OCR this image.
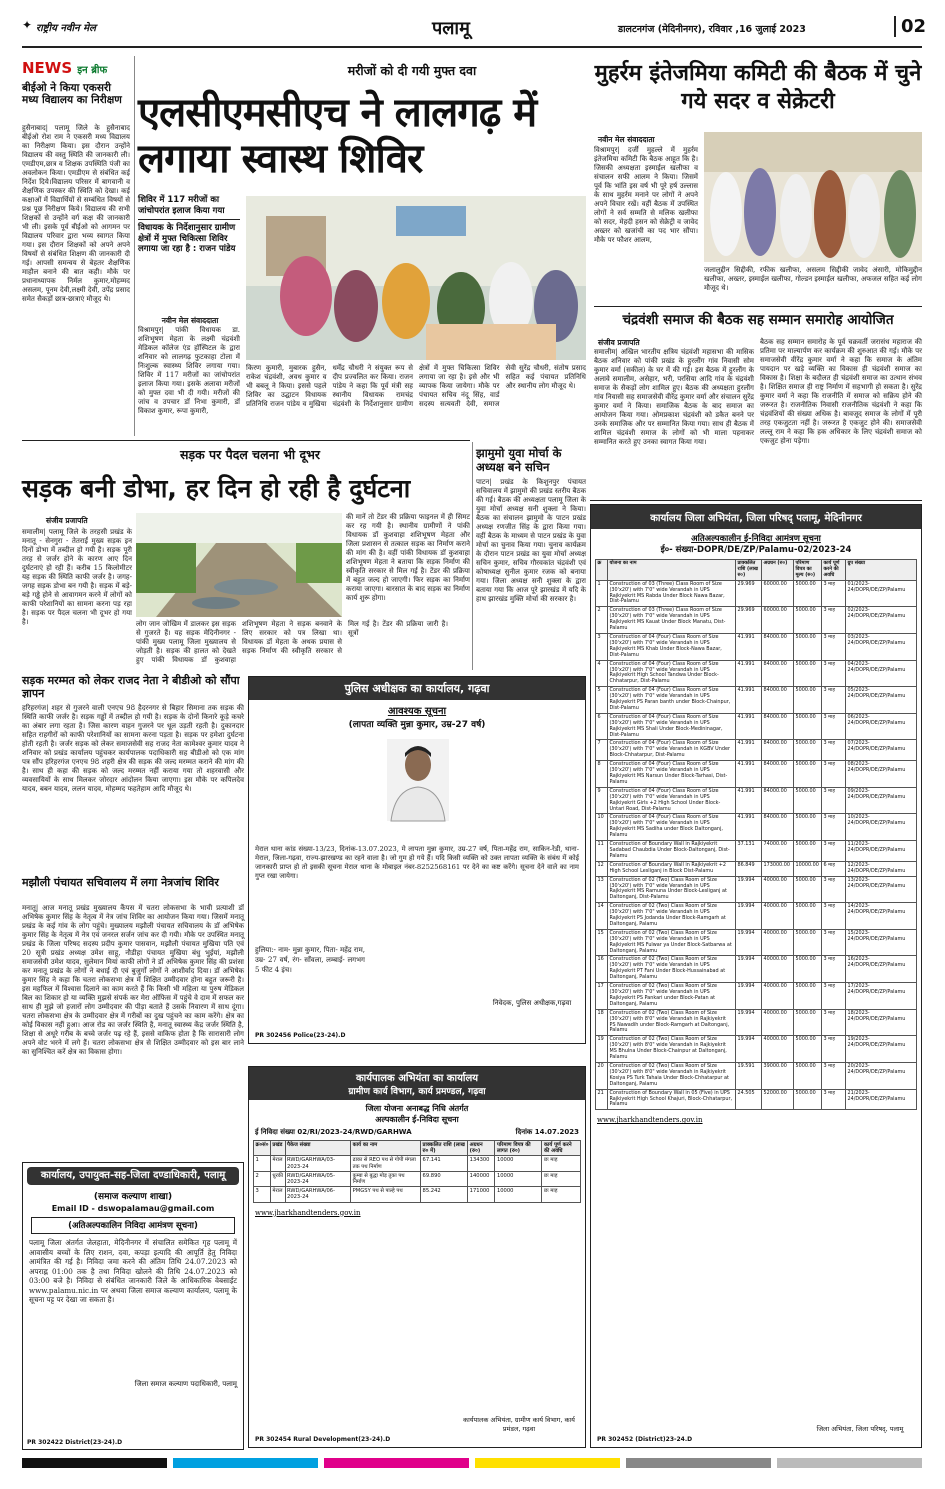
✦ राष्ट्रीय नवीन मेल	पलामू	डालटनगंज (मेदिनीनगर), रविवार ,16 जुलाई 2023	02
NEWS इन ब्रीफ
बीईओ ने किया एकसरी मध्य विद्यालय का निरीक्षण
हुसैनाबाद| पलामू जिले के हुसैनाबाद बीईओ रोश राम ने एकसरी मध्य विद्यालय का निरीक्षण किया। इस दौरान उन्होंने विद्यालय की वस्तु स्थिति की जानकारी ली। एमडीएम,छात्र व शिक्षक उपस्थिति पंजी का अवलोकन किया। एमडीएम से संबंधित कई निर्देश दिये।विद्यालय परिसर में बागवानी व शैक्षणिक उपस्कर की स्थिति को देखा। कई कक्षाओं में विद्यार्थियों से सम्बंधित विषयों से प्रश्न पूछ निरीक्षण किये। विद्यालय की सभी शिक्षकों से उन्होंने वर्ग कक्ष की जानकारी भी ली। इसके पूर्व बीईओ को आगमन पर विद्यालय परिवार द्वारा भव्य स्वागत किया गया। इस दौरान शिक्षकों को अपने अपने विषयों से संबंधित शिक्षण की जानकारी दी गई। आपसी समन्वय से बेहतर शैक्षणिक माहौल बनाने की बात कही। मौके पर प्रधानाध्यापक निर्मल कुमार,मोहम्मद असलम, पूनम देवी,लक्ष्मी देवी, उपेंद्र प्रसाद समेत सैकड़ों छात्र-छात्राएं मौजूद थे।
सड़क मरम्मत को लेकर राजद नेता ने बीडीओ को सौंपा ज्ञापन
हरिहरगंज| शहर से गुजरने वाली एनएच 98 हैदरनगर से बिहार सिमाना तक सड़क की स्थिति काफी जर्जर है। सड़क गड्ढों में तब्दील हो गयी है। सड़क के दोनों किनारे कूड़े कचरे का अंबार लगा रहता है। जिस कारण वाहन गुजरने पर धूल उड़ती रहती है। दुकानदार सहित राहगीरों को काफी परेशानियों का सामना करना पड़ता है। सड़क पर हमेशा दुर्घटना होती रहती है। जर्जर सड़क को लेकर समाजसेवी सह राजद नेता कामेश्वर कुमार यादव ने शनिवार को प्रखंड कार्यालय पहुंचकर कार्यपालक पदाधिकारी सह बीडीओ को एक मांग पत्र सौंप हरिहरगंज एनएच 98 शहरी क्षेत्र की सड़क की जल्द मरम्मत कराने की मांग की है। साथ ही कहा की सड़क को जल्द मरम्मत नहीं कराया गया तो शहरवासी और व्यवसायियों के साथ मिलकर जोरदार आंदोलन किया जाएगा। इस मौके पर कपिलदेव यादव, बबन यादव, ललन यादव, मोहम्मद फहतेहाम आदि मौजूद थे।
मझौली पंचायत सचिवालय में लगा नेत्रजांच शिविर
मनातू| आज मनातू प्रखंड मुख्यालय कैंपस में चतरा लोकसभा के भावी प्रत्याशी डॉ अभिषेक कुमार सिंह के नेतृत्व में नेत्र जांच शिविर का आयोजन किया गया। जिसमें मनातू प्रखंड के कई गांव के लोग पहुंचे। मुख्यालय मझौली पंचायत सचिवालय के डॉ अभिषेक कुमार सिंह के नेतृत्व में नेत्र एवं जनरल सर्जन जांच कर दी गयी। मौके पर उपस्थित मनातू प्रखंड के जिला परिषद सदस्य प्रदीप कुमार पासवान, मझौली पंचायत मुखिया पति एवं 20 सूत्री प्रखंड अध्यक्ष उमेश साहू, नौडीहा पंचायत मुखिया बंधु भुईयां, मझौली समाजसेवी उमेश यादव, सुलेमान मियां काफी लोगों ने डॉ अभिषेक कुमार सिंह की प्रशंसा कर मनातू प्रखंड के लोगों ने बधाई दी एवं बुजुर्गों लोगों ने आशीर्वाद दिया। डॉ अभिषेक कुमार सिंह ने कहा कि चतरा लोकसभा क्षेत्र में शिक्षित उम्मीदवार होना बहुत जरूरी है। इस महफिल में विश्वास दिलाने का काम करते हैं कि किसी भी महिला या पुरुष मेडिकल बिल का शिकार हो या व्यक्ति मुझसे संपर्क कर मेरा ऑफिस में पहुंचे वे दाम में सफल कर साथ ही मुझे जो हजारों लोग उम्मीदवार की पीड़ा बताते हैं उसके निवारण में साथ दूंगा। चतरा लोकसभा क्षेत्र के उम्मीदवार क्षेत्र में गरीबों का दुख पहुंचने का काम करेंगे। क्षेत्र का कोई विकास नहीं हुआ। आज रोड का जर्जर स्थिति है, मनातू स्वास्थ्य केंद्र जर्जर स्थिति है, शिक्षा से अधूरे गरीब के बच्चे जर्जर पढ़ रहे हैं, इससे वाकिफ होता है कि सारासारी लोग अपने वोट भरने में लगे हैं। चतरा लोकसभा क्षेत्र से शिक्षित उम्मीदवार को इस बार लाने का सुनिश्चित करें क्षेत्र का विकास होगा।
कार्यालय, उपायुक्त-सह-जिला दण्डाधिकारी, पलामू
(समाज कल्याण शाखा)
Email ID - dswopalamau@gmail.com
(अतिअल्पकालिन निविदा आमंत्रण सूचना)
पलामू जिला अंतर्गत जेलहाता, मेदिनीनगर में संचालित समेकित गृह पलामू में आवासीय बच्चों के लिए राशन, दवा, कपड़ा इत्यादि की आपूर्ति हेतु निविदा आमंत्रित की गई है। निविदा जमा करने की अंतिम तिथि 24.07.2023 को अपराह्न 01:00 तक है तथा निविदा खोलने की तिथि 24.07.2023 को 03:00 बजे है। निविदा से संबंधित जानकारी जिले के आधिकारिक वेबसाईट www.palamu.nic.in पर अथवा जिला समाज कल्याण कार्यालय, पलामू के सूचना पट्ट पर देखा जा सकता है।
जिला समाज कल्याण पदाधिकारी, पलामू
PR 302422 District(23-24).D
मरीजों को दी गयी मुफ्त दवा
एलसीएमसीएच ने लालगढ़ में लगाया स्वास्थ शिविर
शिविर में 117 मरीजों का जांचोपरांत इलाज किया गया
विधायक के निर्देशानुसार ग्रामीण क्षेत्रों में मुफ्त चिकित्सा शिविर लगाया जा रहा है : राजन पांडेय
नवीन मेल संवाददाता
विश्रामपुर| पांकी विधायक डा. शशिभूषण मेहता के लक्ष्मी चंद्रवंशी मेडिकल कॉलेज एंड हॉस्पिटल के द्वारा शनिवार को लालगढ़ फुटकाहा टोला में निःशुल्क स्वास्थ्य शिविर लगाया गया। शिविर में 117 मरीजों का जांचोपरांत इलाज किया गया। इसके अलावा मरीजों को मुफ्त दवा भी दी गयी। मरीजों की जांच व उपचार डॉ निभा कुमारी, डॉ विकाश कुमार, रूपा कुमारी,
किरण कुमारी, मुबारक हुसैन, राकेश चंद्रवंशी, अवध कुमार व भी बबलू ने किया। इससे पहले शिविर का उद्घाटन विधायक प्रतिनिधि राजन पांडेय व मुखिया धर्मेंद्र चौधरी ने संयुक्त रूप से दीप प्रज्वलित कर किया। राजन पांडेय ने कहा कि पूर्व मंत्री सह स्थानीय विधायक रामचंद्र चंद्रवंशी के निर्देशानुसार ग्रामीण क्षेत्रों में मुफ्त चिकित्सा शिविर लगाया जा रहा है। इसे और भी व्यापक किया जायेगा। मौके पर पंचायत सचिव नंदू सिंह, वार्ड सदस्य सत्यवती देवी, समाज सेवी सुरेंद्र चौधरी, संतोष प्रसाद सहित कई पंचायत प्रतिनिधि और स्थानीय लोग मौजूद थे।
मुहर्रम इंतेजमिया कमिटी की बैठक में चुने गये सदर व सेक्रेटरी
नवीन मेल संवाददाता
विश्रामपुर| दर्जी मुहल्ले में मुहर्रम इंतेजमिया कमिटी कि बैठक आहूत कि है। जिसकी अध्यक्षता इस्माईल खलीफा व संचालन सफी आलम ने किया। जिसमें पूर्व कि भांति इस वर्ष भी पूरे हर्ष उल्लास के साथ मुहर्रम मनाने पर लोगों ने अपने अपने विचार रखें। वहीं बैठक में उपस्थित लोगों ने सर्व सम्मति से मलिक खलीफा को सदर, मेहदी हसन को सेक्रेट्री व जावेद अख्तर को खजांची का पद भार सौंपा। मौके पर फौशर आलम,
जलालुद्दीन सिद्दीकी, रफीक खलीफा, असलम सिद्दीकी जावेद अंसारी, मोकिमुद्दीन खलीफा, अख्तर, इस्माईल खलीफा, गोल्डन इस्माईल खलीफा, अफजल सहित कई लोग मौजूद थे।
चंद्रवंशी समाज की बैठक सह सम्मान समारोह आयोजित
संजीव प्रजापति
समालीम| अखिल भारतीय क्षत्रिय चंद्रवंशी महासभा की मासिक बैठक शनिवार को पांकी प्रखंड के हुरलौंग गांव निवासी सोम कुमार वर्मा (सकील) के घर में की गई। इस बैठक में हुरलौंग के अलावे समालीम, असेहार, भरी, परसिया आदि गांव के चंद्रवंशी समाज के सैकड़ों लोग शामिल हुए। बैठक की अध्यक्षता हुरलौंग गांव निवासी सह समाजसेवी वीरेंद्र कुमार वर्मा और संचालन सुरेंद्र कुमार वर्मा ने किया। समाजिक बैठक के बाद समाज का आयोजन किया गया। ओमप्रकाश चंद्रवंशी को डकैत बनने पर उनके समाजिक और पर सम्मानित किया गया। साथ ही बैठक में शामिल चंद्रवंशी समाज के लोगों को भी माला पहनाकर सम्मानित करते हुए उनका स्वागत किया गया।
बैठक सह सम्मान समारोह के पूर्व चक्रवर्ती जरासंध महाराज की प्रतिमा पर माल्यार्पण कर कार्यक्रम की शुरुआत की गई। मौके पर समाजसेवी वीरेंद्र कुमार वर्मा ने कहा कि समाज के अंतिम पायदान पर खड़े व्यक्ति का विकास ही चंद्रवंशी समाज का विकास है। शिक्षा के बदौलत ही चंद्रवंशी समाज का उत्थान संभव है। शिक्षित समाज ही राष्ट्र निर्माण में सहभागी हो सकता है। सुरेंद्र कुमार वर्मा ने कहा कि राजनीति में समाज को सक्रिय होने की जरूरत है। राजनीतिक निवासी राजनीतिक चंद्रवंशी ने कहा कि चंद्रवंशियों की संख्या अधिक है। बावजूद समाज के लोगों में पूरी तरह एकजुटता नहीं है। जरूरत है एकजुट होने की। समाजसेवी लल्लू राम ने कहा कि हक अधिकार के लिए चंद्रवंशी समाज को एकजुट होना पड़ेगा।
सड़क पर पैदल चलना भी दूभर
सड़क बनी डोभा, हर दिन हो रही है दुर्घटना
संजीव प्रजापति
समालीम| पलामू जिले के तरहसी प्रखंड के मनातू - सेनगुरा - तेतराईं मुख्य सड़क इन दिनों डोभा में तब्दील हो गयी है। सड़क पूरी तरह से जर्जर होने के कारण आए दिन दुर्घटनाएं हो रही हैं। करीब 15 किलोमीटर यह सड़क की स्थिति काफी जर्जर है। जगह-जगह सड़क डोभा बन गयी है। सड़क में बड़े-बड़े गड्ढे होने से आवागमन करने में लोगों को काफी परेशानियों का सामना करना पड़ रहा है। सड़क पर पैदल चलना भी दूभर हो गया है।	लोग जान जोखिम में डालकर इस सड़क से गुजरते हैं। यह सड़क मेदिनीनगर - पांकी मुख्य पलामू जिला मुख्यालय से जोड़ती है। सड़क की हालत को देखते हुए पांकी विधायक डॉ कुशवाहा शशिभूषण मेहता ने सड़क बनवाने के लिए सरकार को पत्र लिखा था। विधायक डॉ मेहता के अथक प्रयास से सड़क निर्माण की स्वीकृति सरकार से मिल गई है। टेंडर की प्रक्रिया जारी है। सूत्रों
की मानें तो टेंडर की प्रक्रिया फाइनल में ही सिमट कर रह गयी है। स्थानीय ग्रामीणों ने पांकी विधायक डॉ कुशवाहा शशिभूषण मेहता और जिला प्रशासन से तत्काल सड़क का निर्माण कराने की मांग की है। वहीं पांकी विधायक डॉ कुशवाहा शशिभूषण मेहता ने बताया कि सड़क निर्माण की स्वीकृति सरकार से मिल गई है। टेंडर की प्रक्रिया में बहुत जल्द हो जाएगी। फिर सड़क का निर्माण कराया जाएगा। बारसात के बाद सड़क का निर्माण कार्य शुरू होगा।
झामुमो युवा मोर्चा के अध्यक्ष बने सचिन
पाटन| प्रखंड के किशुनपुर पंचायत सचिवालय में झामुमो की प्रखंड स्तरीय बैठक की गई। बैठक की अध्यक्षता पलामू जिला के युवा मोर्चा अध्यक्ष सनी शुक्ला ने किया। बैठक का संचालन झामुमो के पाटन प्रखंड अध्यक्ष रणजीत सिंह के द्वारा किया गया। वहीं बैठक के माध्यम से पाटन प्रखंड के युवा मोर्चा का चुनाव किया गया। चुनाव कार्यक्रम के दौरान पाटन प्रखंड का युवा मोर्चा अध्यक्ष सचिन कुमार, सचिव गौरवकांत चंद्रवंशी एवं कोषाध्यक्ष सुनील कुमार रजक को बनाया गया। जिला अध्यक्ष सनी शुक्ला के द्वारा बताया गया कि आज पूरे झारखंड में यदि के हाथ झारखंड मुक्ति मोर्चा की सरकार है।
पुलिस अधीक्षक का कार्यालय, गढ़वा
आवश्यक सूचना
(लापता व्यक्ति मुन्ना कुमार, उम्र-27 वर्ष)
मेराल थाना कांड संख्या-13/23, दिनांक-13.07.2023, मे लापता मुन्ना कुमार, उम्र-27 वर्ष, पिता-महेंद्र राम, साकिन-रेडी, थाना-मेराल, जिला-गढ़वा, राज्य-झारखण्ड का रहने वाला है। जो गुम हो गये हैं। यदि किसी व्यक्ति को उक्त लापता व्यक्ति के संबंध में कोई जानकारी प्राप्त हो तो इसकी सूचना मेराल थाना के मोबाइल नंबर-8252568161 पर देने का कष्ट करेंगे। सूचना देने वाले का नाम गुप्त रखा जायेगा।
हुलिया:- नाम- मुन्ना कुमार, पिता- महेंद्र राम, उम्र- 27 वर्ष, रंग- साँवला, लम्बाई- लगभग 5 फीट 4 इंच।
निवेदक, पुलिस अधीक्षक,गढ़वा
PR 302456 Police(23-24).D
कार्यपालक अभियंता का कार्यालय
ग्रामीण कार्य विभाग, कार्य प्रमण्डल, गढ़वा
जिला योजना अनाबद्ध निधि अंतर्गत
अल्पकालीन ई-निविदा सूचना
ई निविदा संख्या 02/RI/2023-24/RWD/GARHWA	दिनांक 14.07.2023
क्र०सं०	प्रखंड	पैकेज संख्या	कार्य का नाम	प्राक्कलित राशि (लाख रु० में)	अग्रधन (रु०)	परिमाण विपत्र की लागत (रु०)	कार्य पूर्ण करने की अवधि
1	मेराल	RWD/GARHWA/03-2023-24	ढाका से REO पथ से गोपी मंगला तक पथ निर्माण	67.141	134300	10000	छः माह
2	धुरकी	RWD/GARHWA/05-2023-24	कुम्बा से बुद्धा मोड़ तुका पथ निर्माण	69.890	140000	10000	छः माह
3	मेराल	RWD/GARHWA/06-2023-24	PMGSY पथ से पाल्हे पथ	85.242	171000	10000	छः माह
www.jharkhandtenders.gov.in
कार्यपालक अभियंता, ग्रामीण कार्य विभाग, कार्य प्रमंडल, गढ़वा
PR 302454 Rural Development(23-24).D
कार्यालय जिला अभियंता, जिला परिषद् पलामू, मेदिनीनगर
अतिअल्पकालीन ई-निविदा आमंत्रण सूचना
ई०- संख्या-DOPR/DE/ZP/Palamu-02/2023-24
क्र	योजना का नाम	प्राक्कलित राशि (लाख रु०)	अग्रधन (रु०)	परिमाण विपत्र का मूल्य (रु०)	कार्य पूर्ण करने की अवधि	ग्रुप संख्या
1	Construction of 03 (Three) Class Room of Size (30'x20') with 7'0" wide Verandah in UPS Rajkiyekrit MS Rabda Under Block Nawa Bazar, Dist-Palamu	29.969	60000.00	5000.00	3 माह	01/2023-24/DOPR/DE/ZP/Palamu
2	Construction of 03 (Three) Class Room of Size (30'x20') with 7'0" wide Verandah in UPS Rajkiyekrit MS Kauat Under Block Manatu, Dist-Palamu	29.969	60000.00	5000.00	3 माह	02/2023-24/DOPR/DE/ZP/Palamu
3	Construction of 04 (Four) Class Room of Size (30'x20') with 7'0" wide Verandah in UPS Rajkiyekrit MS Khab Under Block-Nawa Bazar, Dist-Palamu	41.991	84000.00	5000.00	3 माह	03/2023-24/DOPR/DE/ZP/Palamu
4	Construction of 04 (Four) Class Room of Size (30'x20') with 7'0" wide Verandah in UPS Rajkiyekrit High School Tandwa Under Block-Chhatarpur, Dist-Palamu	41.991	84000.00	5000.00	3 माह	04/2023-24/DOPR/DE/ZP/Palamu
5	Construction of 04 (Four) Class Room of Size (30'x20') with 7'0" wide Verandah in UPS Rajkiyekrit PS Paran banth under Block-Chainpur, Dist-Palamu	41.991	84000.00	5000.00	3 माह	05/2023-24/DOPR/DE/ZP/Palamu
6	Construction of 04 (Four) Class Room of Size (30'x20') with 7'0" wide Verandah in UPS Rajkiyekrit MS Shali Under Block-Medininagar, Dist-Palamu	41.991	84000.00	5000.00	3 माह	06/2023-24/DOPR/DE/ZP/Palamu
7	Construction of 04 (Four) Class Room of Size (30'x20') with 7'0" wide Verandah in KGBV Under Block-Chhatarpur, Dist-Palamu	41.991	84000.00	5000.00	3 माह	07/2023-24/DOPR/DE/ZP/Palamu
8	Construction of 04 (Four) Class Room of Size (30'x20') with 7'0" wide Verandah in UPS Rajkiyekrit MS Narsun Under Block-Tarhasi, Dist-Palamu	41.991	84000.00	5000.00	3 माह	08/2023-24/DOPR/DE/ZP/Palamu
9	Construction of 04 (Four) Class Room of Size (30'x20') with 7'0" wide Verandah in UPS Rajkiyekrit Girls +2 High School Under Block-Untari Road, Dist-Palamu	41.991	84000.00	5000.00	3 माह	09/2023-24/DOPR/DE/ZP/Palamu
10	Construction of 04 (Four) Class Room of Size (30'x20') with 7'0" wide Verandah in UPS Rajkiyekrit MS Sadiha under Block Daltonganj, Palamu	41.991	84000.00	5000.00	3 माह	10/2023-24/DOPR/DE/ZP/Palamu
11	Construction of Boundary Wall in Rajkiyekrit Sadabad Chaubdia Under Block-Daltonganj, Dist-Palamu	37.131	74000.00	5000.00	3 माह	11/2023-24/DOPR/DE/ZP/Palamu
12	Construction of Boundary Wall in Rajkiyekrit +2 High School Lesliganj in Block Dist-Palamu	86.849	173000.00	10000.00	6 माह	12/2023-24/DOPR/DE/ZP/Palamu
13	Construction of 02 (Two) Class Room of Size (30'x20') with 7'0" wide Verandah in UPS Rajkiyekrit MS Ramuna Under Block-Lesliganj at Daltonganj, Dist-Palamu	19.994	40000.00	5000.00	3 माह	13/2023-24/DOPR/DE/ZP/Palamu
14	Construction of 02 (Two) Class Room of Size (30'x20') with 7'0" wide Verandah in UPS Rajkiyekrit PS Jodanda Under Block-Ramgarh at Daltonganj, Palamu	19.994	40000.00	5000.00	3 माह	14/2023-24/DOPR/DE/ZP/Palamu
15	Construction of 02 (Two) Class Room of Size (30'x20') with 7'0" wide Verandah in UPS Rajkiyekrit MS Fulwar ya Under Block-Satbarwa at Daltonganj, Palamu	19.994	40000.00	5000.00	3 माह	15/2023-24/DOPR/DE/ZP/Palamu
16	Construction of 02 (Two) Class Room of Size (30'x20') with 7'0" wide Verandah in UPS Rajkiyekrit PT Fani Under Block-Hussainabad at Daltonganj, Palamu	19.994	40000.00	5000.00	3 माह	16/2023-24/DOPR/DE/ZP/Palamu
17	Construction of 02 (Two) Class Room of Size (30'x20') with 7'0" wide Verandah in UPS Rajkiyekrit PS Pankari under Block-Patan at Daltonganj, Palamu	19.994	40000.00	5000.00	3 माह	17/2023-24/DOPR/DE/ZP/Palamu
18	Construction of 02 (Two) Class Room of Size (30'x20') with 8'0" wide Verandah in Rajkiyekrit PS Nawadih under Block-Ramgarh at Daltonganj, Palamu	19.994	40000.00	5000.00	3 माह	18/2023-24/DOPR/DE/ZP/Palamu
19	Construction of 02 (Two) Class Room of Size (30'x20') with 8'0" wide Verandah in Rajkiyekrit MS Bhulna Under Block-Chainpur at Daltonganj, Palamu	19.994	40000.00	5000.00	3 माह	19/2023-24/DOPR/DE/ZP/Palamu
20	Construction of 02 (Two) Class Room of Size (30'x20') with 8'0" wide Verandah in Rajkiyekrit Kosiya PS Turk Tahaia Under Block-Chhatarpur at Daltonganj, Palamu	19.591	39000.00	5000.00	3 माह	20/2023-24/DOPR/DE/ZP/Palamu
21	Construction of Boundary Wall in 05 (Five) in UPS Rajkiyekrit High School Khajuri, Block-Chhatarpur, Palamu	24.505	52000.00	5000.00	3 माह	21/2023-24/DOPR/DE/ZP/Palamu
www.jharkhandtenders.gov.in
जिला अभियंता, जिला परिषद्, पलामू
PR 302452 (District)23-24.D
